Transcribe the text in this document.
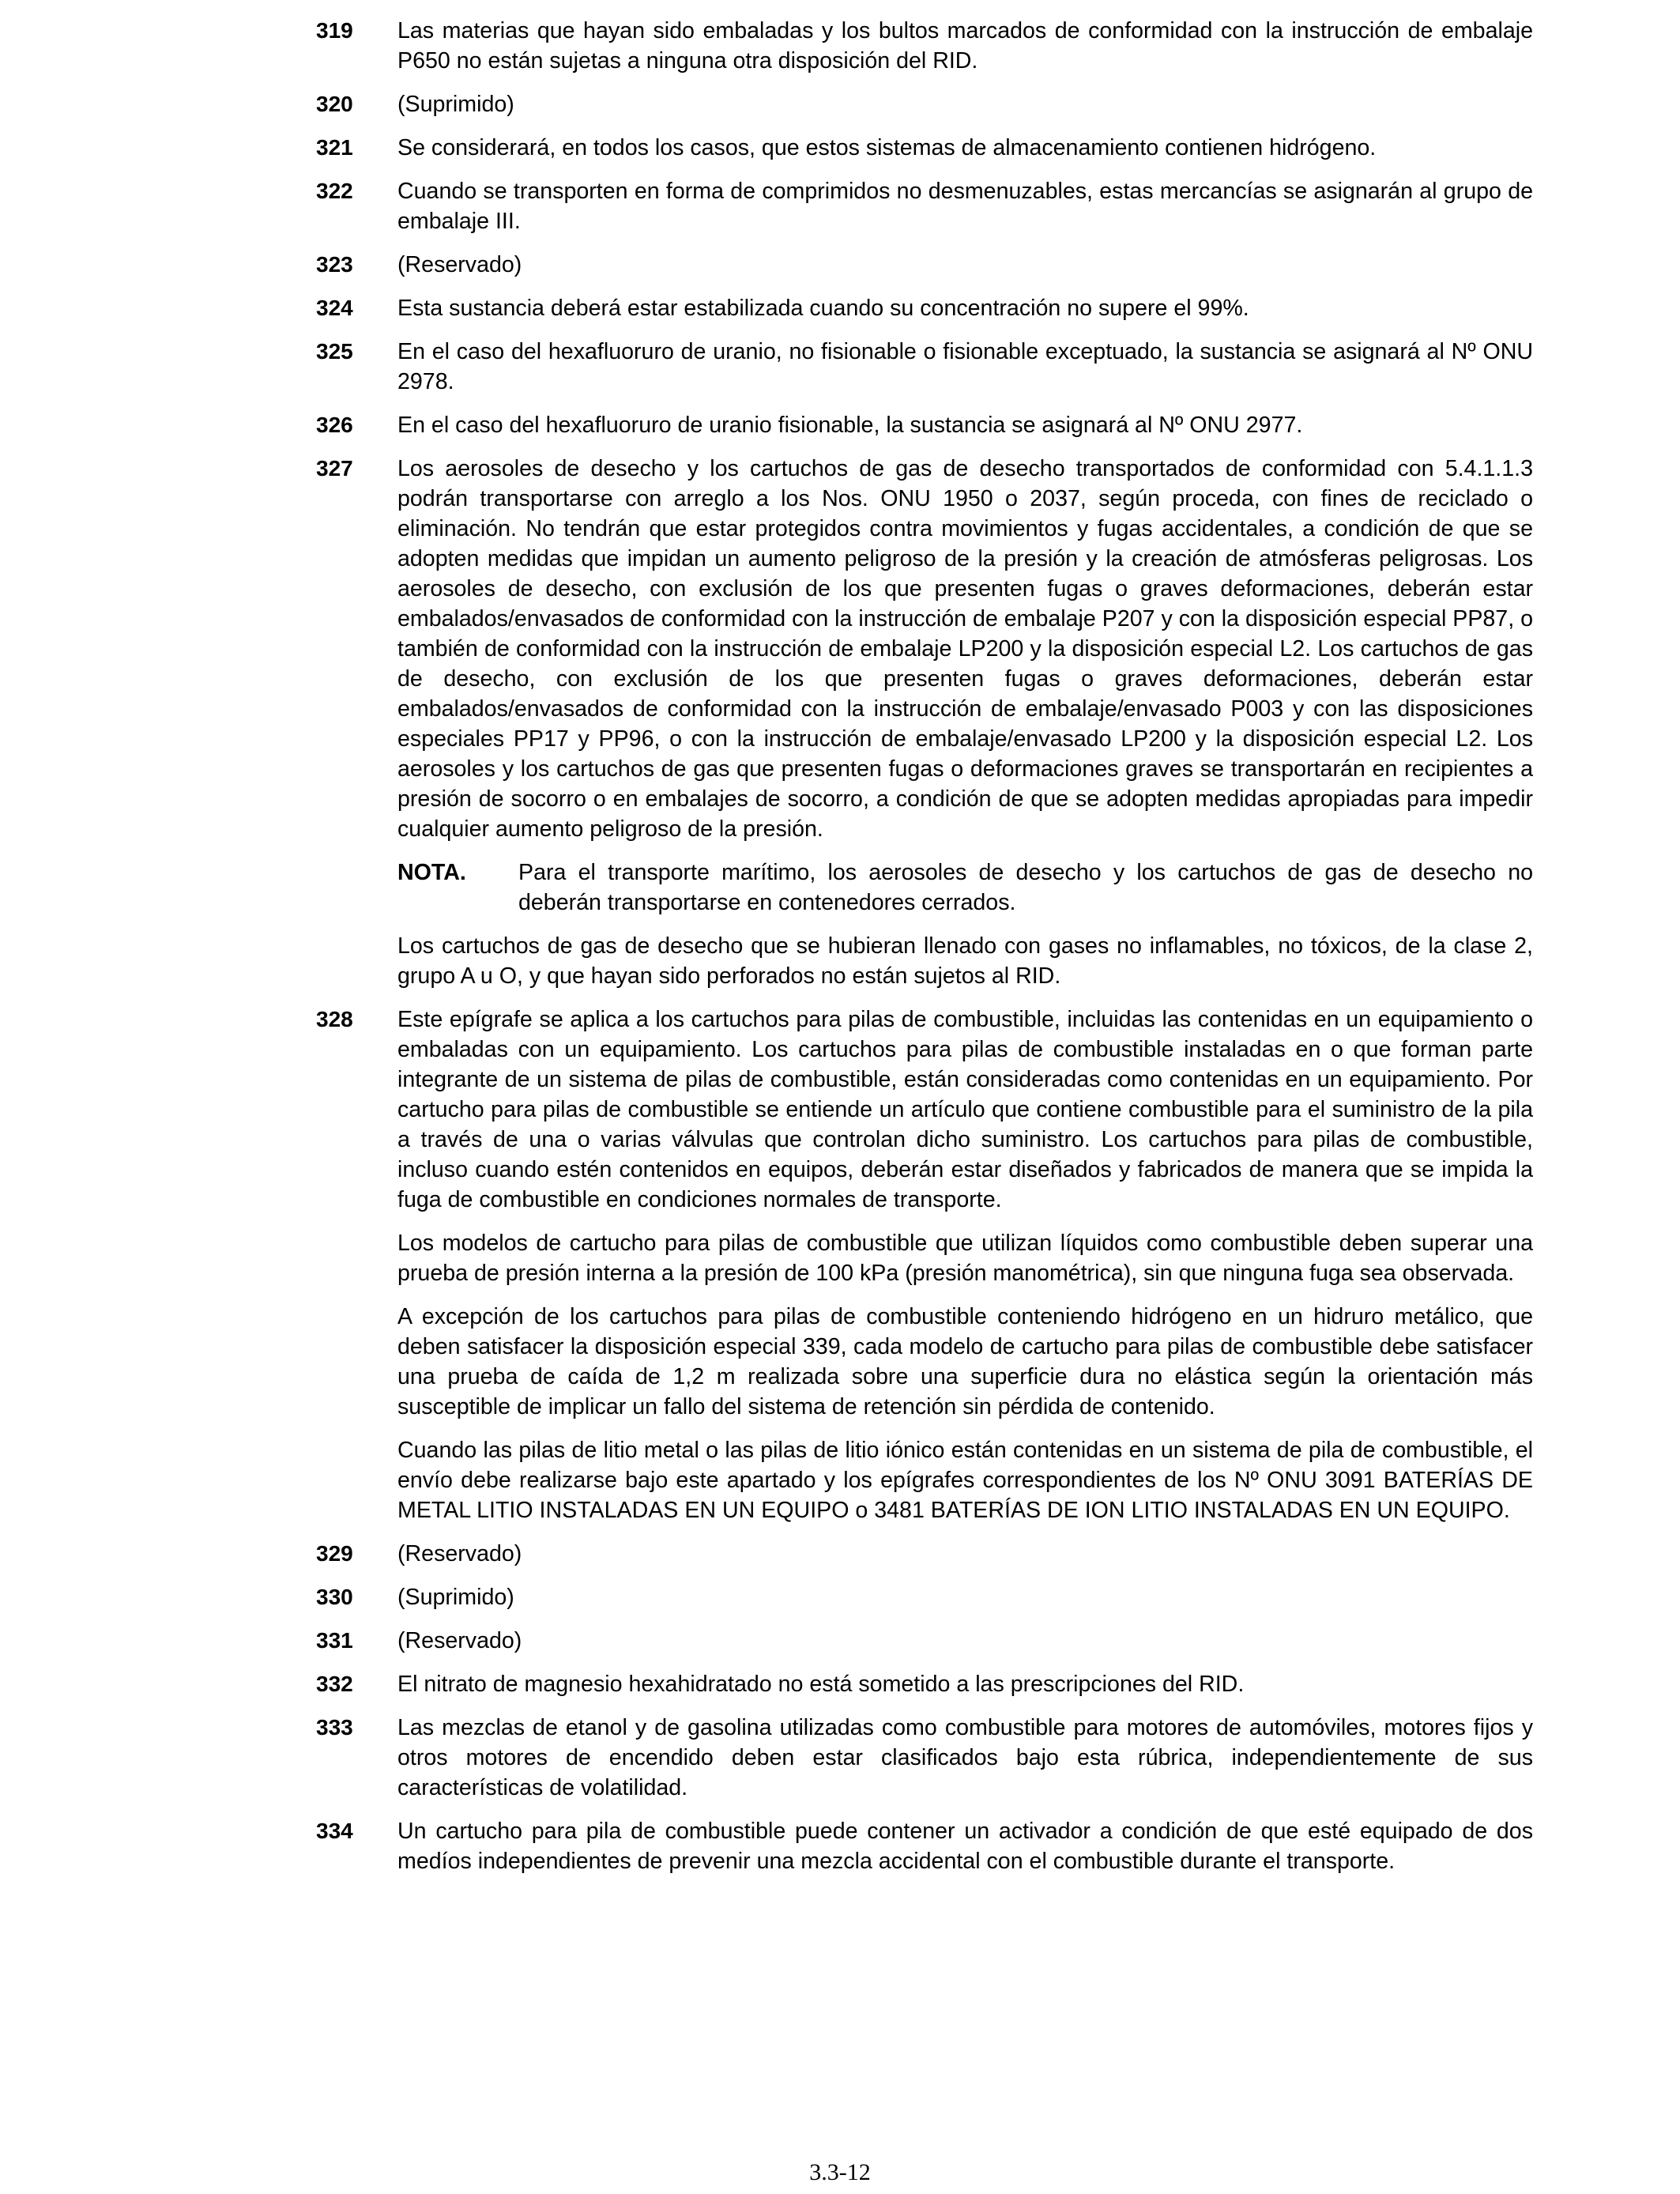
319 Las materias que hayan sido embaladas y los bultos marcados de conformidad con la instrucción de embalaje P650 no están sujetas a ninguna otra disposición del RID.

320 (Suprimido)

321 Se considerará, en todos los casos, que estos sistemas de almacenamiento contienen hidrógeno.

322 Cuando se transporten en forma de comprimidos no desmenuzables, estas mercancías se asignarán al grupo de embalaje III.

323 (Reservado)

324 Esta sustancia deberá estar estabilizada cuando su concentración no supere el 99%.

325 En el caso del hexafluoruro de uranio, no fisionable o fisionable exceptuado, la sustancia se asignará al Nº ONU 2978.

326 En el caso del hexafluoruro de uranio fisionable, la sustancia se asignará al Nº ONU 2977.

327 Los aerosoles de desecho y los cartuchos de gas de desecho transportados de conformidad con 5.4.1.1.3 podrán transportarse con arreglo a los Nos. ONU 1950 o 2037, según proceda, con fines de reciclado o eliminación. No tendrán que estar protegidos contra movimientos y fugas accidentales, a condición de que se adopten medidas que impidan un aumento peligroso de la presión y la creación de atmósferas peligrosas. Los aerosoles de desecho, con exclusión de los que presenten fugas o graves deformaciones, deberán estar embalados/envasados de conformidad con la instrucción de embalaje P207 y con la disposición especial PP87, o también de conformidad con la instrucción de embalaje LP200 y la disposición especial L2. Los cartuchos de gas de desecho, con exclusión de los que presenten fugas o graves deformaciones, deberán estar embalados/envasados de conformidad con la instrucción de embalaje/envasado P003 y con las disposiciones especiales PP17 y PP96, o con la instrucción de embalaje/envasado LP200 y la disposición especial L2. Los aerosoles y los cartuchos de gas que presenten fugas o deformaciones graves se transportarán en recipientes a presión de socorro o en embalajes de socorro, a condición de que se adopten medidas apropiadas para impedir cualquier aumento peligroso de la presión.

NOTA. Para el transporte marítimo, los aerosoles de desecho y los cartuchos de gas de desecho no deberán transportarse en contenedores cerrados.

Los cartuchos de gas de desecho que se hubieran llenado con gases no inflamables, no tóxicos, de la clase 2, grupo A u O, y que hayan sido perforados no están sujetos al RID.

328 Este epígrafe se aplica a los cartuchos para pilas de combustible, incluidas las contenidas en un equipamiento o embaladas con un equipamiento. Los cartuchos para pilas de combustible instaladas en o que forman parte integrante de un sistema de pilas de combustible, están consideradas como contenidas en un equipamiento. Por cartucho para pilas de combustible se entiende un artículo que contiene combustible para el suministro de la pila a través de una o varias válvulas que controlan dicho suministro. Los cartuchos para pilas de combustible, incluso cuando estén contenidos en equipos, deberán estar diseñados y fabricados de manera que se impida la fuga de combustible en condiciones normales de transporte.

Los modelos de cartucho para pilas de combustible que utilizan líquidos como combustible deben superar una prueba de presión interna a la presión de 100 kPa (presión manométrica), sin que ninguna fuga sea observada.

A excepción de los cartuchos para pilas de combustible conteniendo hidrógeno en un hidruro metálico, que deben satisfacer la disposición especial 339, cada modelo de cartucho para pilas de combustible debe satisfacer una prueba de caída de 1,2 m realizada sobre una superficie dura no elástica según la orientación más susceptible de implicar un fallo del sistema de retención sin pérdida de contenido.

Cuando las pilas de litio metal o las pilas de litio iónico están contenidas en un sistema de pila de combustible, el envío debe realizarse bajo este apartado y los epígrafes correspondientes de los Nº ONU 3091 BATERÍAS DE METAL LITIO INSTALADAS EN UN EQUIPO o 3481 BATERÍAS DE ION LITIO INSTALADAS EN UN EQUIPO.

329 (Reservado)

330 (Suprimido)

331 (Reservado)

332 El nitrato de magnesio hexahidratado no está sometido a las prescripciones del RID.

333 Las mezclas de etanol y de gasolina utilizadas como combustible para motores de automóviles, motores fijos y otros motores de encendido deben estar clasificados bajo esta rúbrica, independientemente de sus características de volatilidad.

334 Un cartucho para pila de combustible puede contener un activador a condición de que esté equipado de dos medíos independientes de prevenir una mezcla accidental con el combustible durante el transporte.

3.3-12
